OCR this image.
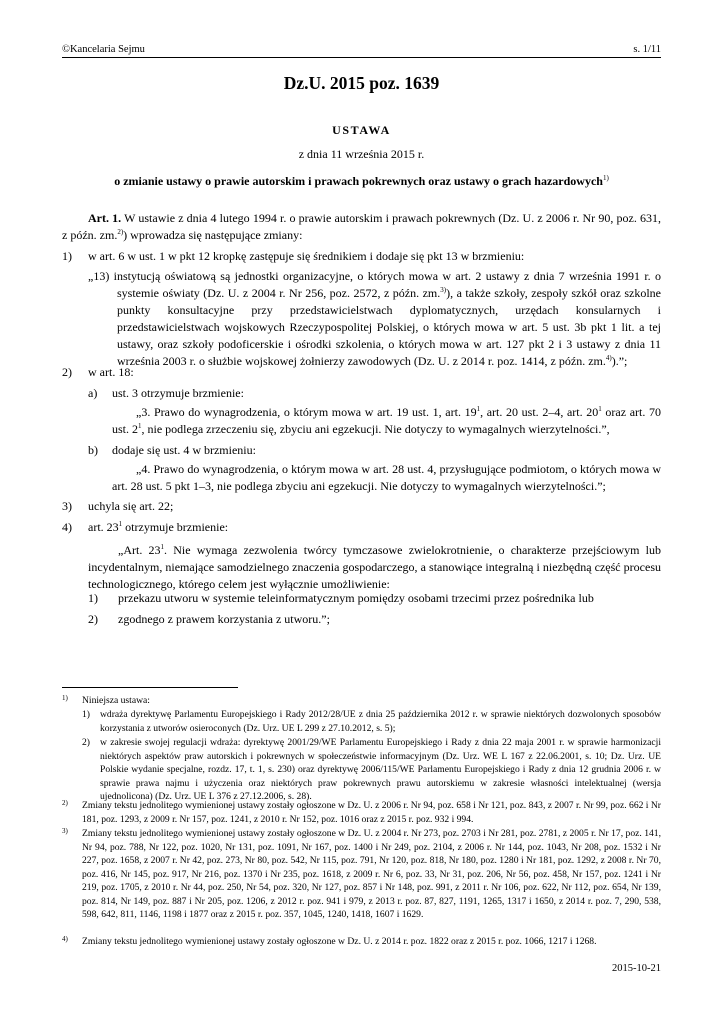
©Kancelaria Sejmu	s. 1/11
Dz.U. 2015 poz. 1639
USTAWA
z dnia 11 września 2015 r.
o zmianie ustawy o prawie autorskim i prawach pokrewnych oraz ustawy o grach hazardowych$^{1)}$
Art. 1. W ustawie z dnia 4 lutego 1994 r. o prawie autorskim i prawach pokrewnych (Dz. U. z 2006 r. Nr 90, poz. 631, z późn. zm.$^{2)}$) wprowadza się następujące zmiany:
1) w art. 6 w ust. 1 w pkt 12 kropkę zastępuje się średnikiem i dodaje się pkt 13 w brzmieniu:
„13) instytucją oświatową są jednostki organizacyjne, o których mowa w art. 2 ustawy z dnia 7 września 1991 r. o systemie oświaty (Dz. U. z 2004 r. Nr 256, poz. 2572, z późn. zm.$^{3)}$), a także szkoły, zespoły szkół oraz szkolne punkty konsultacyjne przy przedstawicielstwach dyplomatycznych, urzędach konsularnych i przedstawicielstwach wojskowych Rzeczypospolitej Polskiej, o których mowa w art. 5 ust. 3b pkt 1 lit. a tej ustawy, oraz szkoły podoficerskie i ośrodki szkolenia, o których mowa w art. 127 pkt 2 i 3 ustawy z dnia 11 września 2003 r. o służbie wojskowej żołnierzy zawodowych (Dz. U. z 2014 r. poz. 1414, z późn. zm.$^{4)}$).”;
2) w art. 18:
a) ust. 3 otrzymuje brzmienie:
„3. Prawo do wynagrodzenia, o którym mowa w art. 19 ust. 1, art. $19^1$, art. 20 ust. 2–4, art. $20^1$ oraz art. 70 ust. $2^1$, nie podlega zrzeczeniu się, zbyciu ani egzekucji. Nie dotyczy to wymagalnych wierzytelności.”,
b) dodaje się ust. 4 w brzmieniu:
„4. Prawo do wynagrodzenia, o którym mowa w art. 28 ust. 4, przysługujące podmiotom, o których mowa w art. 28 ust. 5 pkt 1–3, nie podlega zbyciu ani egzekucji. Nie dotyczy to wymagalnych wierzytelności.”;
3) uchyla się art. 22;
4) art. $23^1$ otrzymuje brzmienie:
„Art. $23^1$. Nie wymaga zezwolenia twórcy tymczasowe zwielokrotnienie, o charakterze przejściowym lub incydentalnym, niemające samodzielnego znaczenia gospodarczego, a stanowiące integralną i niezbędną część procesu technologicznego, którego celem jest wyłącznie umożliwienie:
1) przekazu utworu w systemie teleinformatycznym pomiędzy osobami trzecimi przez pośrednika lub
2) zgodnego z prawem korzystania z utworu.”;
1) Niniejsza ustawa:
1) wdraża dyrektywę Parlamentu Europejskiego i Rady 2012/28/UE z dnia 25 października 2012 r. w sprawie niektórych dozwolonych sposobów korzystania z utworów osieroconych (Dz. Urz. UE L 299 z 27.10.2012, s. 5);
2) w zakresie swojej regulacji wdraża: dyrektywę 2001/29/WE Parlamentu Europejskiego i Rady z dnia 22 maja 2001 r. w sprawie harmonizacji niektórych aspektów praw autorskich i pokrewnych w społeczeństwie informacyjnym (Dz. Urz. WE L 167 z 22.06.2001, s. 10; Dz. Urz. UE Polskie wydanie specjalne, rozdz. 17, t. 1, s. 230) oraz dyrektywę 2006/115/WE Parlamentu Europejskiego i Rady z dnia 12 grudnia 2006 r. w sprawie prawa najmu i użyczenia oraz niektórych praw pokrewnych prawu autorskiemu w zakresie własności intelektualnej (wersja ujednolicona) (Dz. Urz. UE L 376 z 27.12.2006, s. 28).
2) Zmiany tekstu jednolitego wymienionej ustawy zostały ogłoszone w Dz. U. z 2006 r. Nr 94, poz. 658 i Nr 121, poz. 843, z 2007 r. Nr 99, poz. 662 i Nr 181, poz. 1293, z 2009 r. Nr 157, poz. 1241, z 2010 r. Nr 152, poz. 1016 oraz z 2015 r. poz. 932 i 994.
3) Zmiany tekstu jednolitego wymienionej ustawy zostały ogłoszone w Dz. U. z 2004 r. Nr 273, poz. 2703 i Nr 281, poz. 2781, z 2005 r. Nr 17, poz. 141, Nr 94, poz. 788, Nr 122, poz. 1020, Nr 131, poz. 1091, Nr 167, poz. 1400 i Nr 249, poz. 2104, z 2006 r. Nr 144, poz. 1043, Nr 208, poz. 1532 i Nr 227, poz. 1658, z 2007 r. Nr 42, poz. 273, Nr 80, poz. 542, Nr 115, poz. 791, Nr 120, poz. 818, Nr 180, poz. 1280 i Nr 181, poz. 1292, z 2008 r. Nr 70, poz. 416, Nr 145, poz. 917, Nr 216, poz. 1370 i Nr 235, poz. 1618, z 2009 r. Nr 6, poz. 33, Nr 31, poz. 206, Nr 56, poz. 458, Nr 157, poz. 1241 i Nr 219, poz. 1705, z 2010 r. Nr 44, poz. 250, Nr 54, poz. 320, Nr 127, poz. 857 i Nr 148, poz. 991, z 2011 r. Nr 106, poz. 622, Nr 112, poz. 654, Nr 139, poz. 814, Nr 149, poz. 887 i Nr 205, poz. 1206, z 2012 r. poz. 941 i 979, z 2013 r. poz. 87, 827, 1191, 1265, 1317 i 1650, z 2014 r. poz. 7, 290, 538, 598, 642, 811, 1146, 1198 i 1877 oraz z 2015 r. poz. 357, 1045, 1240, 1418, 1607 i 1629.
4) Zmiany tekstu jednolitego wymienionej ustawy zostały ogłoszone w Dz. U. z 2014 r. poz. 1822 oraz z 2015 r. poz. 1066, 1217 i 1268.
2015-10-21
